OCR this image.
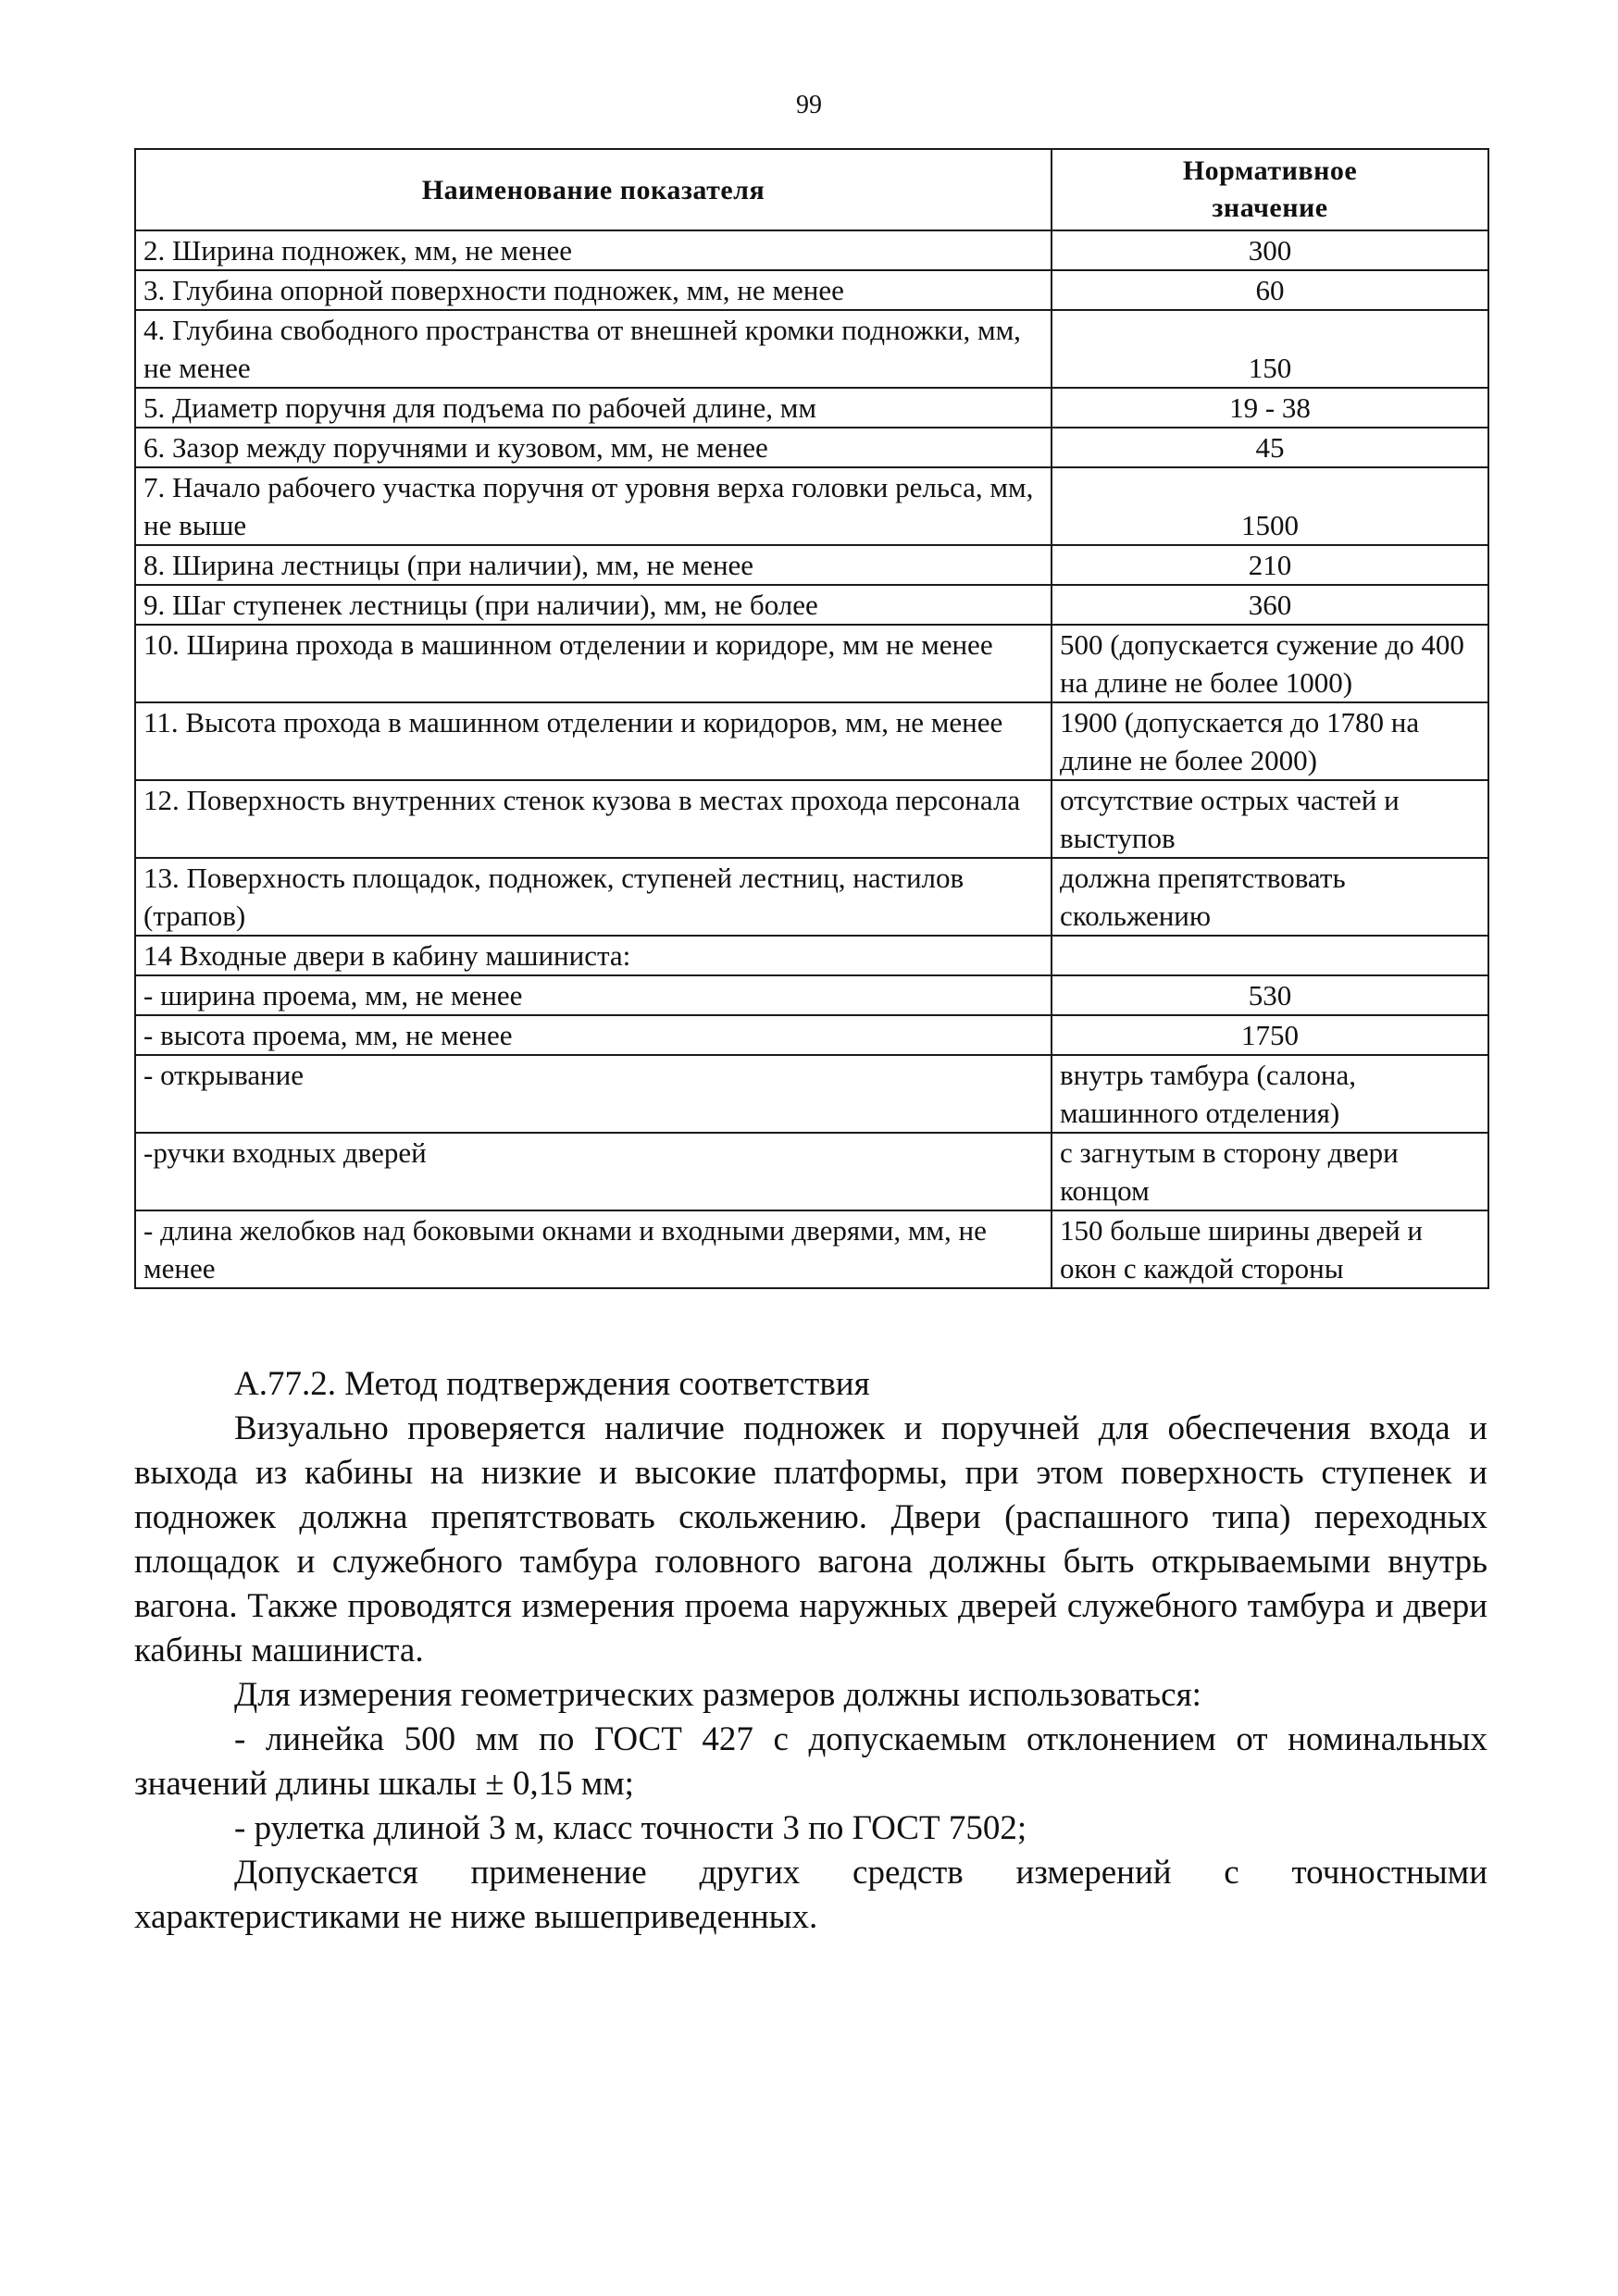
99
Наименование показателя	Нормативное значение
2. Ширина подножек, мм, не менее	300
3. Глубина опорной поверхности подножек, мм, не менее	60
4. Глубина свободного пространства от внешней кромки подножки, мм, не менее	150
5. Диаметр поручня для подъема по рабочей длине, мм	19 - 38
6. Зазор между поручнями и кузовом, мм, не менее	45
7. Начало рабочего участка поручня от уровня верха головки рельса, мм, не выше	1500
8. Ширина лестницы (при наличии), мм, не менее	210
9. Шаг ступенек лестницы (при наличии), мм, не более	360
10. Ширина прохода в машинном отделении и коридоре, мм не менее	500 (допускается сужение до 400 на длине не более 1000)
11. Высота прохода в машинном отделении и коридоров, мм, не менее	1900 (допускается до 1780 на длине не более 2000)
12. Поверхность внутренних стенок кузова в местах прохода персонала	отсутствие острых частей и выступов
13. Поверхность площадок, подножек, ступеней лестниц, настилов (трапов)	должна препятствовать скольжению
14 Входные двери в кабину машиниста:	
- ширина проема, мм, не менее	530
- высота проема, мм, не менее	1750
- открывание	внутрь тамбура (салона, машинного отделения)
-ручки входных дверей	с загнутым в сторону двери концом
- длина желобков над боковыми окнами и входными дверями, мм, не менее	150 больше ширины дверей и окон с каждой стороны

А.77.2. Метод подтверждения соответствия

Визуально проверяется наличие подножек и поручней для обеспечения входа и выхода из кабины на низкие и высокие платформы, при этом поверхность ступенек и подножек должна препятствовать скольжению. Двери (распашного типа) переходных площадок и служебного тамбура головного вагона должны быть открываемыми внутрь вагона. Также проводятся измерения проема наружных дверей служебного тамбура и двери кабины машиниста.

Для измерения геометрических размеров должны использоваться:

- линейка 500 мм по ГОСТ 427 с допускаемым отклонением от номинальных значений длины шкалы ± 0,15 мм;

- рулетка длиной 3 м, класс точности 3 по ГОСТ 7502;

Допускается применение других средств измерений с точностными характеристиками не ниже вышеприведенных.
